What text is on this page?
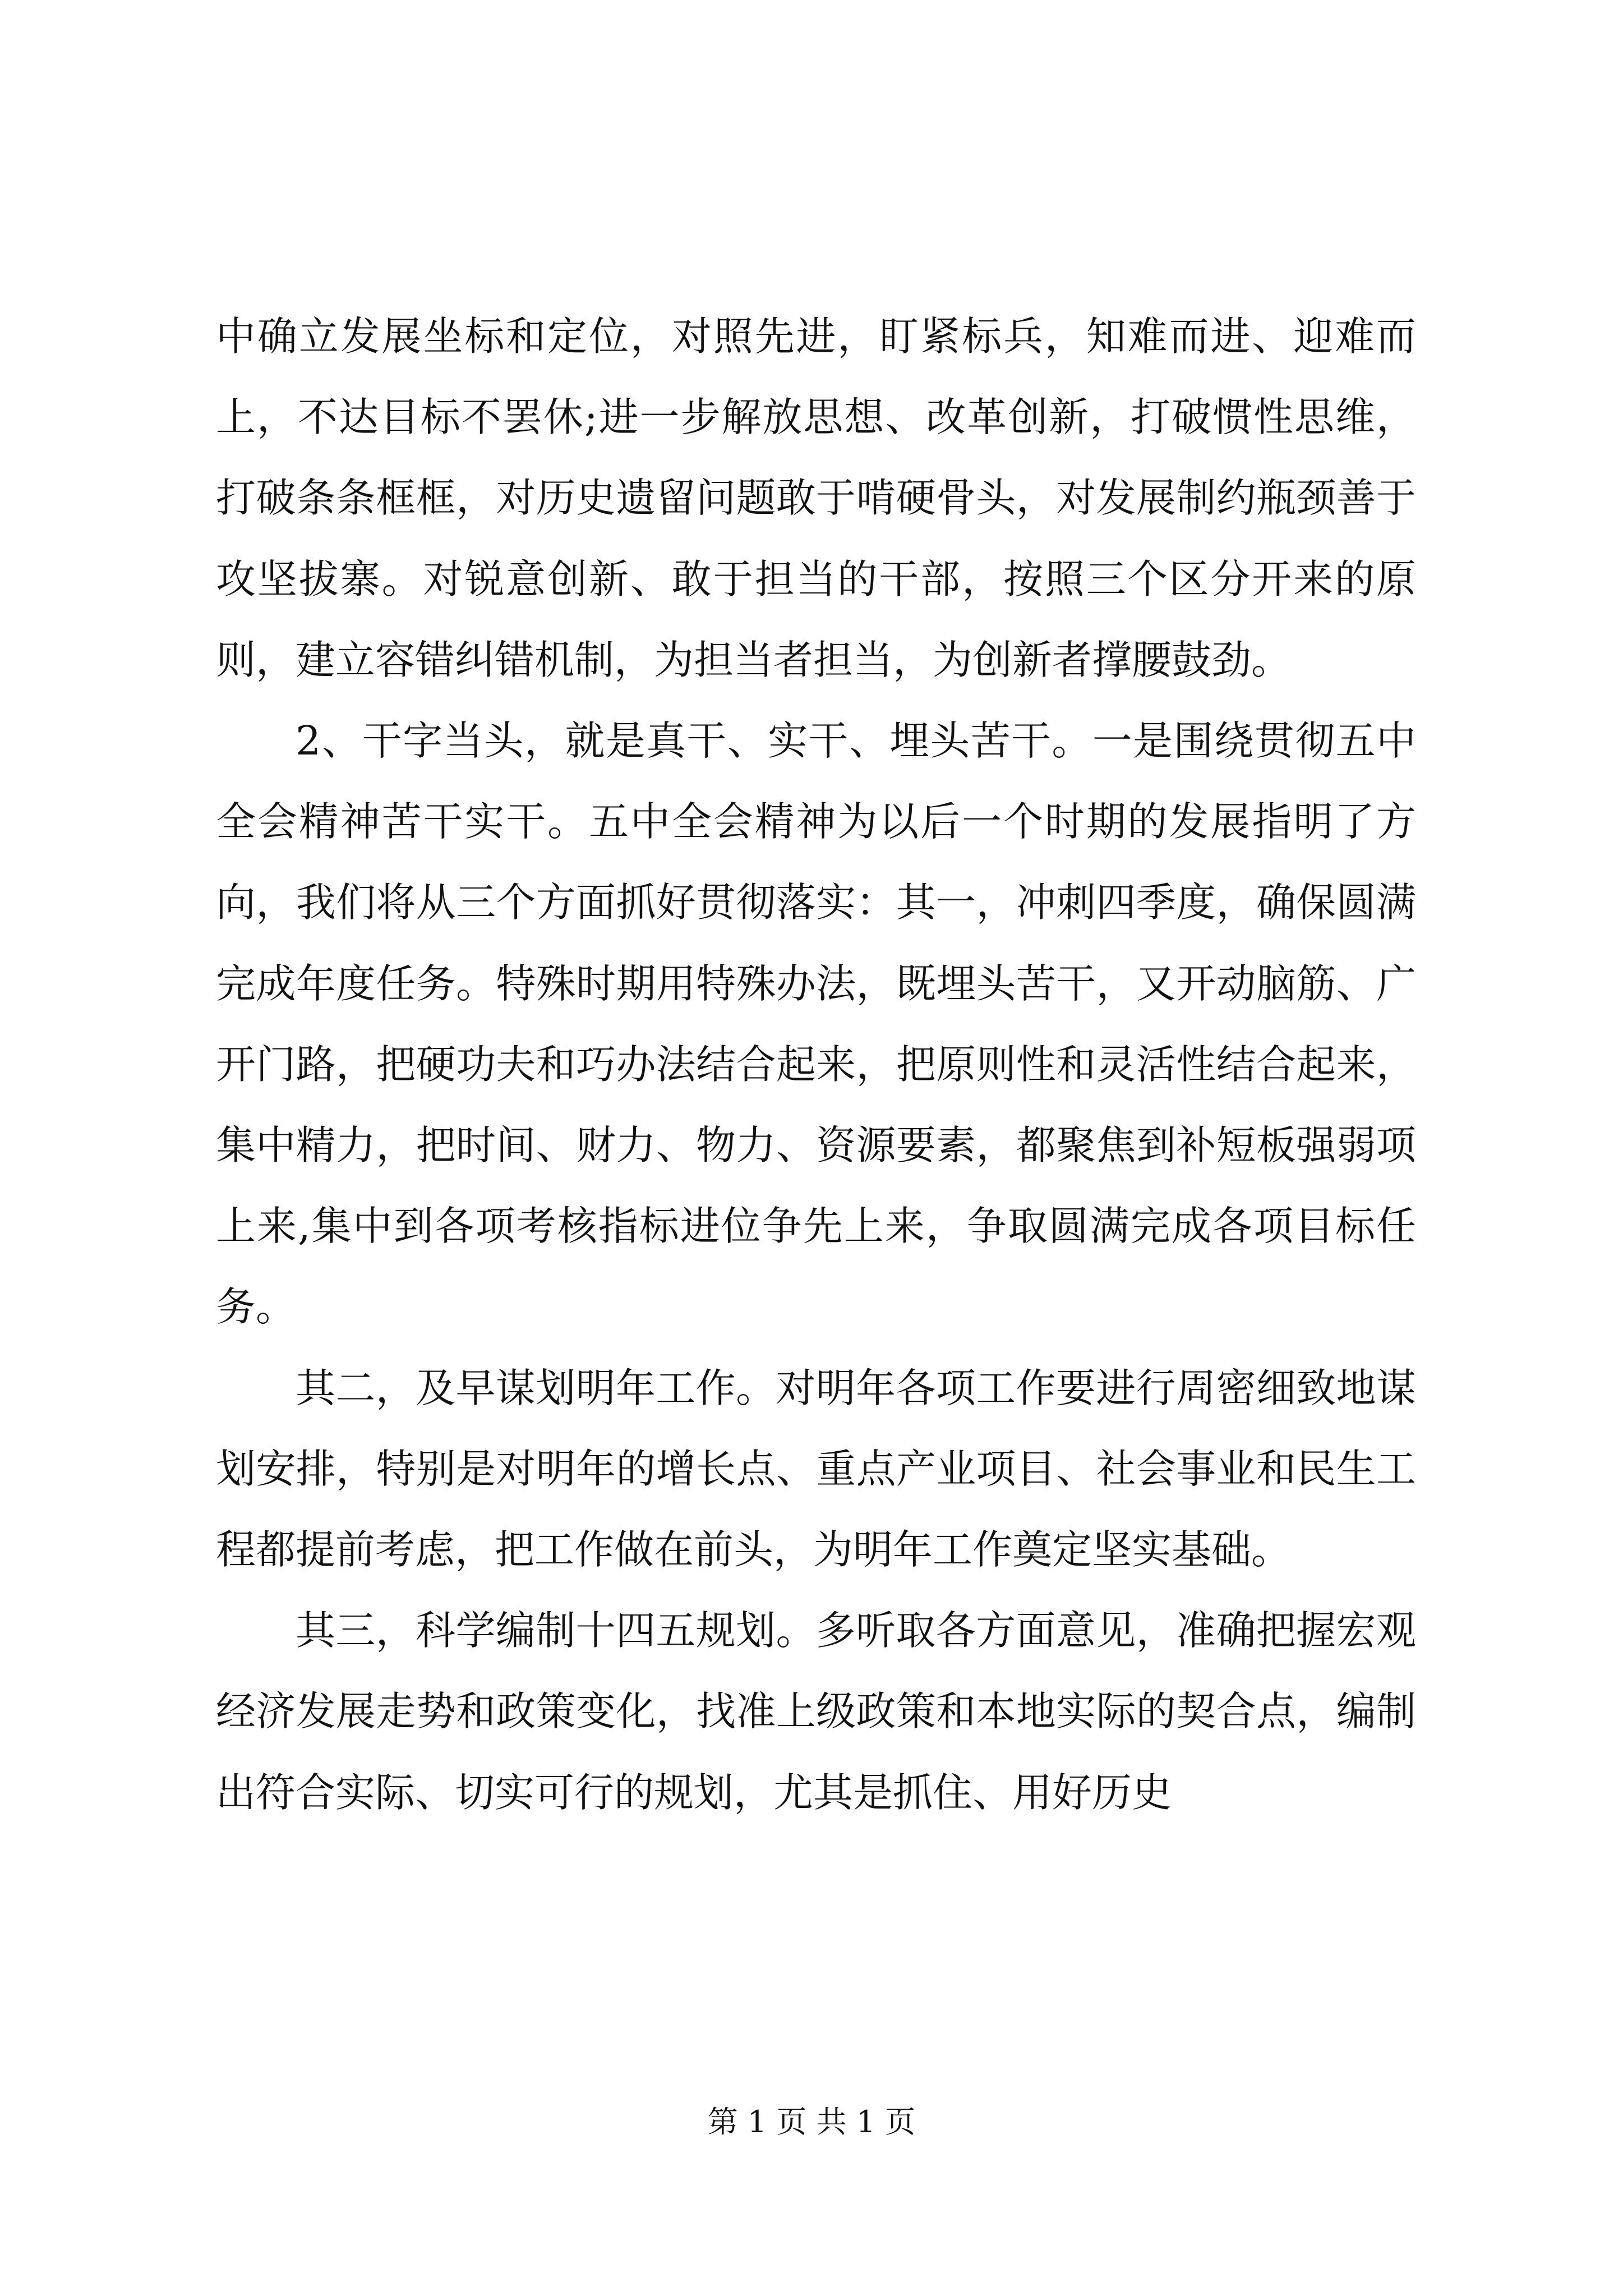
中确立发展坐标和定位，对照先进，盯紧标兵，知难而进、迎难而上，不达目标不罢休;进一步解放思想、改革创新，打破惯性思维，打破条条框框，对历史遗留问题敢于啃硬骨头，对发展制约瓶颈善于攻坚拔寨。对锐意创新、敢于担当的干部，按照三个区分开来的原则，建立容错纠错机制，为担当者担当，为创新者撑腰鼓劲。

2、干字当头，就是真干、实干、埋头苦干。一是围绕贯彻五中全会精神苦干实干。五中全会精神为以后一个时期的发展指明了方向，我们将从三个方面抓好贯彻落实：其一，冲刺四季度，确保圆满完成年度任务。特殊时期用特殊办法，既埋头苦干，又开动脑筋、广开门路，把硬功夫和巧办法结合起来，把原则性和灵活性结合起来，集中精力，把时间、财力、物力、资源要素，都聚焦到补短板强弱项上来,集中到各项考核指标进位争先上来，争取圆满完成各项目标任务。

其二，及早谋划明年工作。对明年各项工作要进行周密细致地谋划安排，特别是对明年的增长点、重点产业项目、社会事业和民生工程都提前考虑，把工作做在前头，为明年工作奠定坚实基础。

其三，科学编制十四五规划。多听取各方面意见，准确把握宏观经济发展走势和政策变化，找准上级政策和本地实际的契合点，编制出符合实际、切实可行的规划，尤其是抓住、用好历史

第 1 页 共 1 页
